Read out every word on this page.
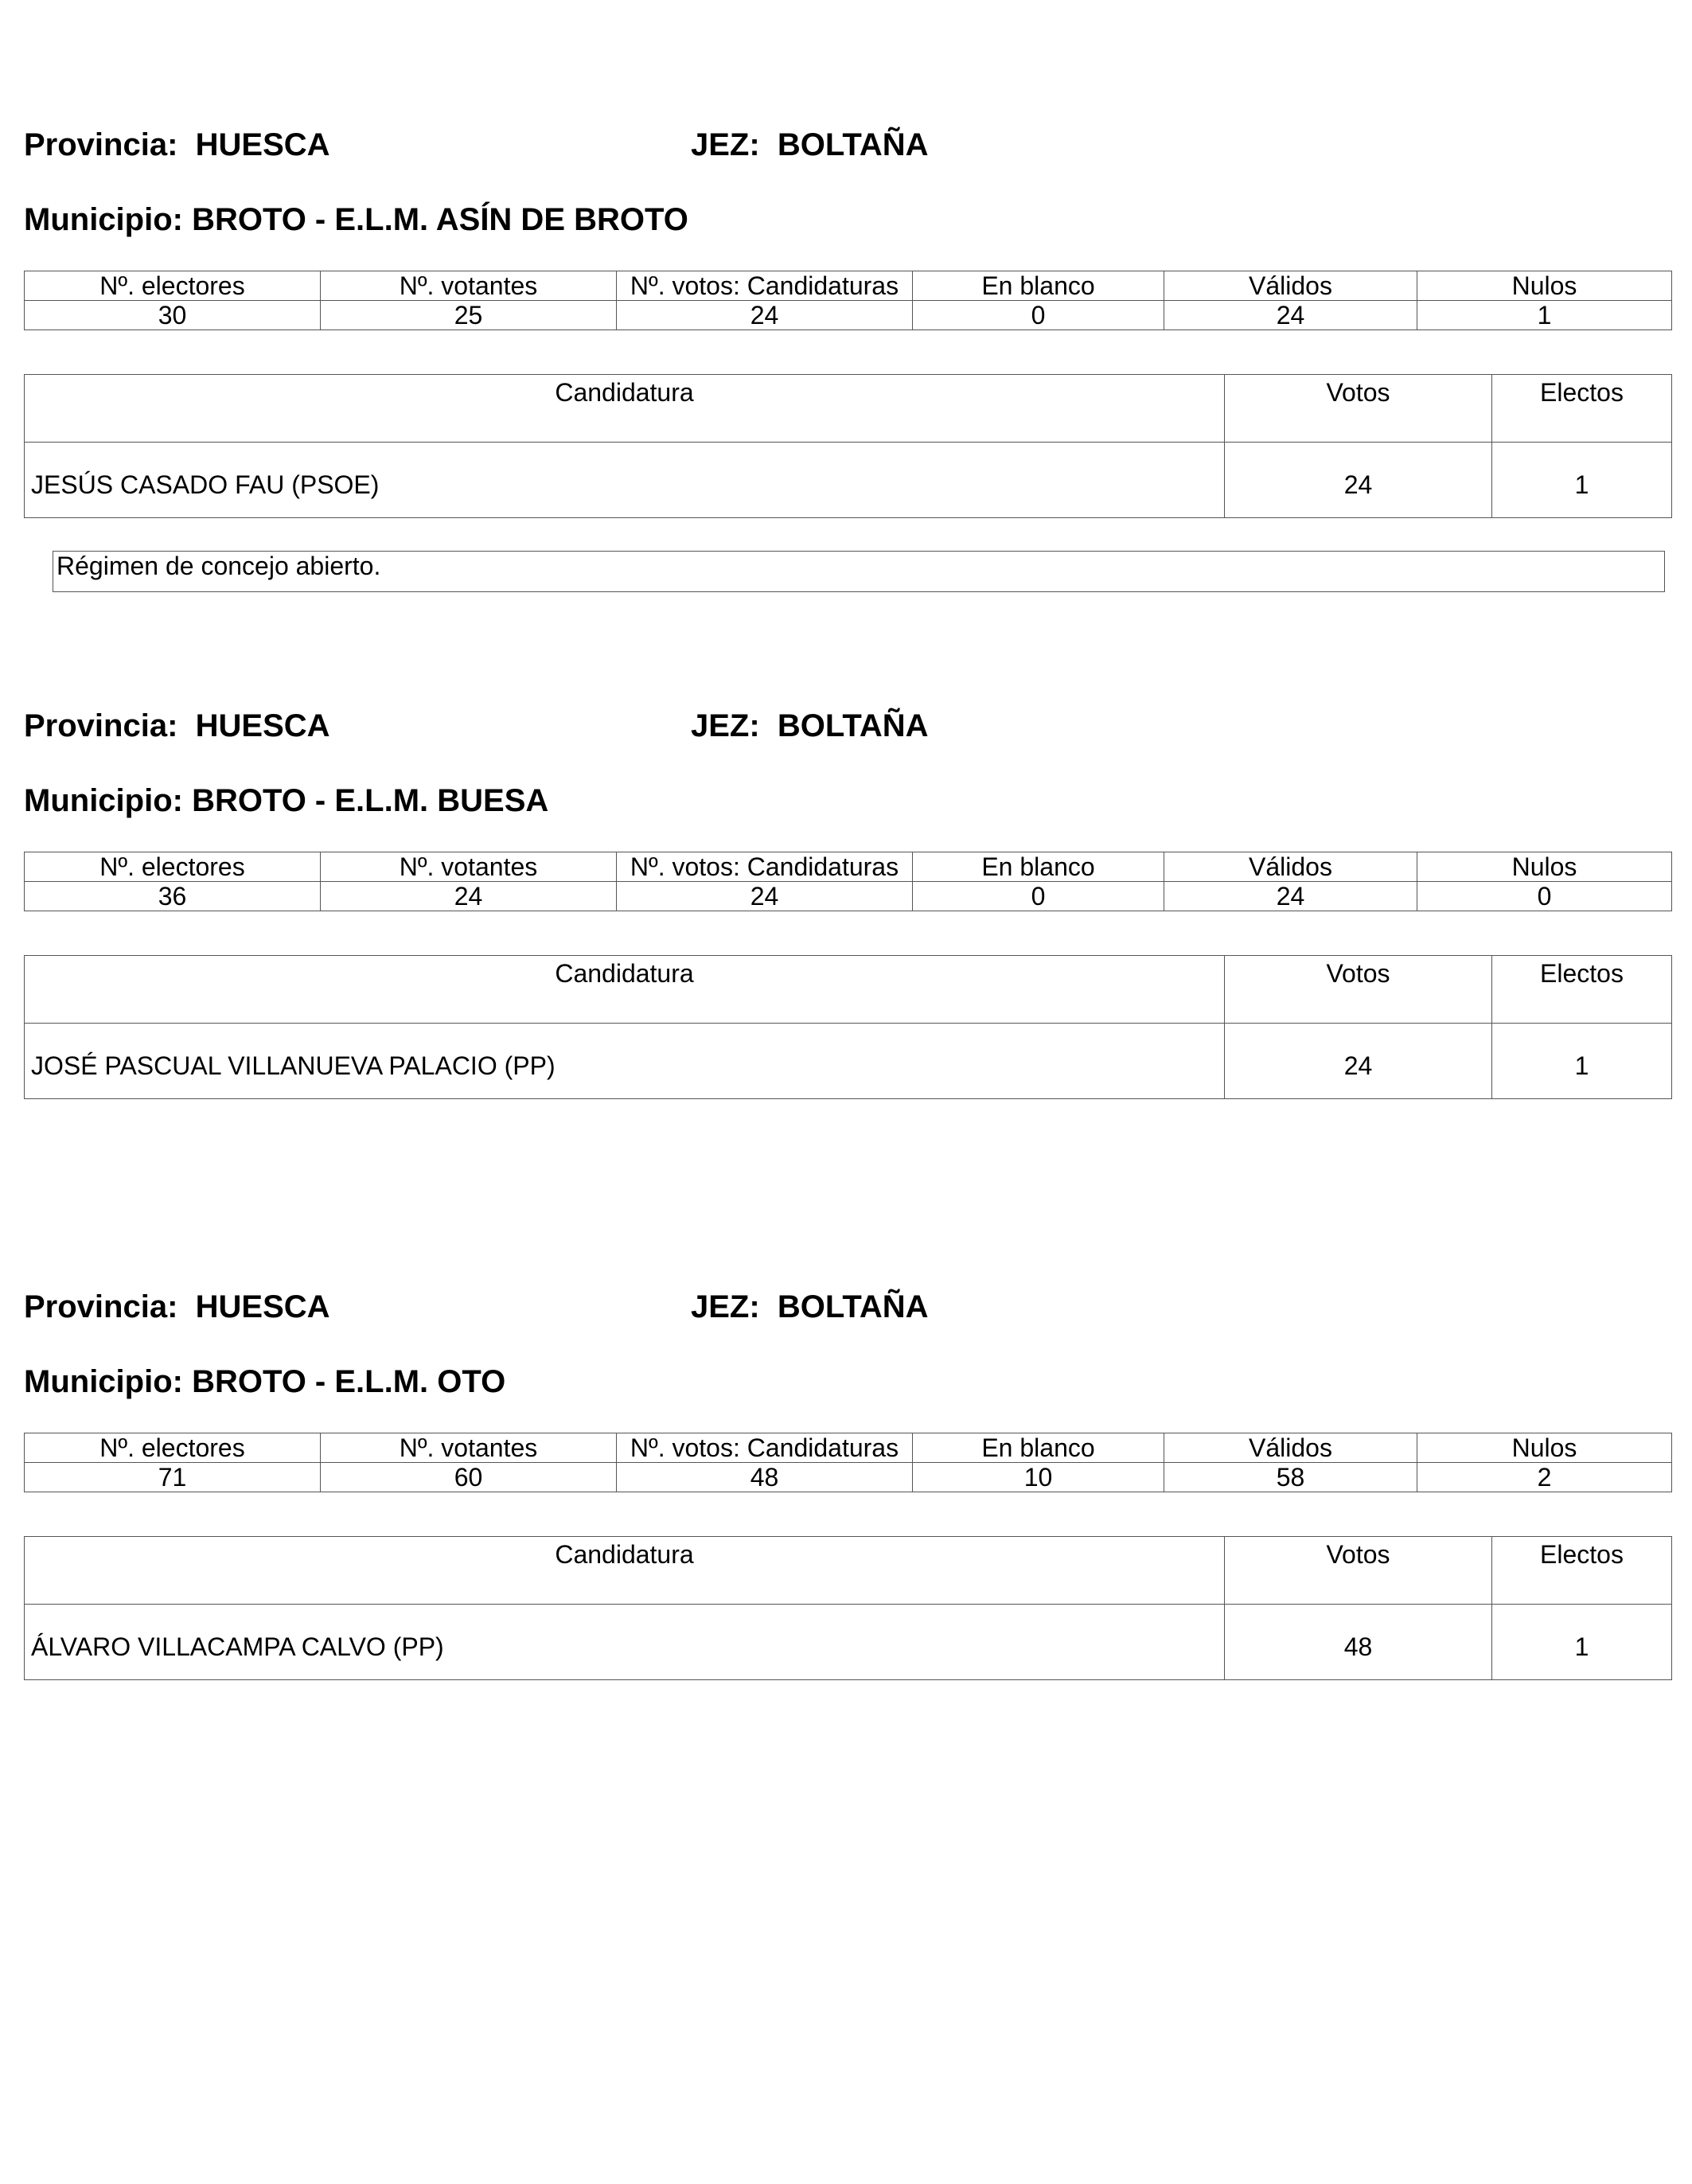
Provincia: HUESCA	JEZ: BOLTAÑA
Municipio: BROTO - E.L.M. ASÍN DE BROTO
Nº. electores	Nº. votantes	Nº. votos: Candidaturas	En blanco	Válidos	Nulos
30	25	24	0	24	1
Candidatura	Votos	Electos
JESÚS CASADO FAU (PSOE)	24	1
Régimen de concejo abierto.
Provincia: HUESCA	JEZ: BOLTAÑA
Municipio: BROTO - E.L.M. BUESA
Nº. electores	Nº. votantes	Nº. votos: Candidaturas	En blanco	Válidos	Nulos
36	24	24	0	24	0
Candidatura	Votos	Electos
JOSÉ PASCUAL VILLANUEVA PALACIO (PP)	24	1
Provincia: HUESCA	JEZ: BOLTAÑA
Municipio: BROTO - E.L.M. OTO
Nº. electores	Nº. votantes	Nº. votos: Candidaturas	En blanco	Válidos	Nulos
71	60	48	10	58	2
Candidatura	Votos	Electos
ÁLVARO VILLACAMPA CALVO (PP)	48	1
